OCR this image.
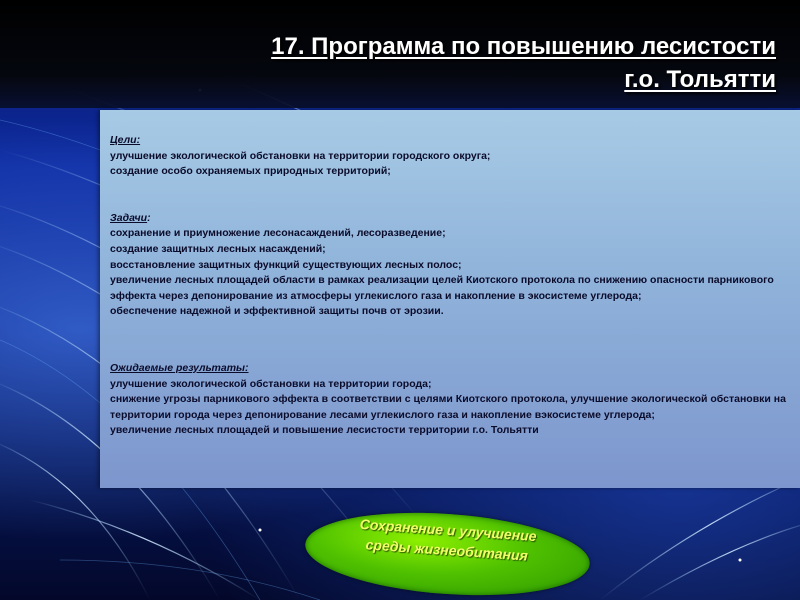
17. Программа по повышению лесистости
г.о. Тольятти
Цели:
улучшение экологической обстановки на территории городского округа;
создание особо охраняемых природных территорий;
Задачи:
сохранение и приумножение лесонасаждений, лесоразведение;
создание защитных лесных насаждений;
восстановление защитных функций существующих лесных полос;
увеличение лесных площадей области в рамках реализации целей Киотского протокола по снижению опасности парникового эффекта через депонирование из атмосферы углекислого газа и накопление в экосистеме углерода;
обеспечение надежной и эффективной защиты почв от эрозии.
Ожидаемые результаты:
улучшение экологической обстановки на территории города;
снижение угрозы парникового эффекта в соответствии с целями Киотского протокола, улучшение экологической обстановки на территории города через депонирование лесами углекислого газа и накопление вэкосистеме углерода;
увеличение лесных площадей и повышение лесистости территории г.о. Тольятти
Сохранение и улучшение
среды жизнеобитания
